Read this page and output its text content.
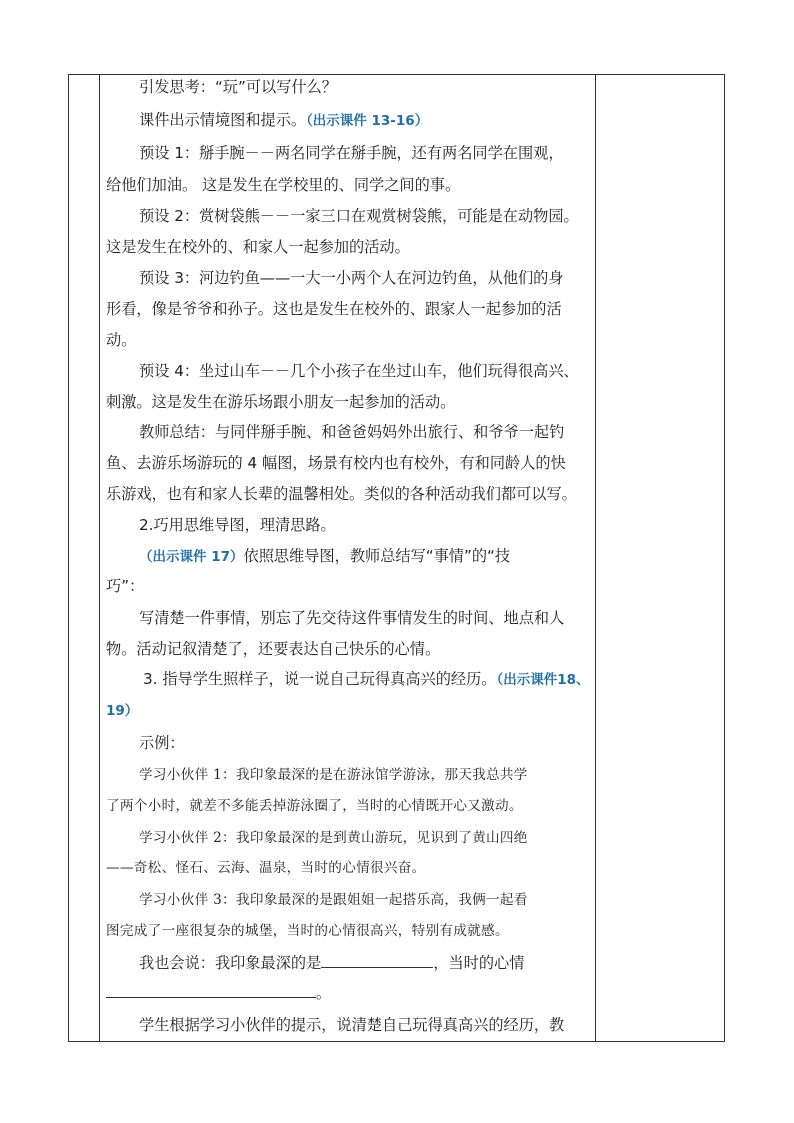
引发思考：“玩”可以写什么？
课件出示情境图和提示。（出示课件 13-16）
预设 1：掰手腕－－两名同学在掰手腕，还有两名同学在围观，
给他们加油。 这是发生在学校里的、同学之间的事。
预设 2：赏树袋熊－－一家三口在观赏树袋熊，可能是在动物园。
这是发生在校外的、和家人一起参加的活动。
预设 3：河边钓鱼——一大一小两个人在河边钓鱼，从他们的身
形看，像是爷爷和孙子。这也是发生在校外的、跟家人一起参加的活
动。
预设 4：坐过山车－－几个小孩子在坐过山车，他们玩得很高兴、
刺激。这是发生在游乐场跟小朋友一起参加的活动。
教师总结：与同伴掰手腕、和爸爸妈妈外出旅行、和爷爷一起钓
鱼、去游乐场游玩的 4 幅图，场景有校内也有校外，有和同龄人的快
乐游戏，也有和家人长辈的温馨相处。类似的各种活动我们都可以写。
2.巧用思维导图，理清思路。
（出示课件 17）依照思维导图，教师总结写“事情”的“技
巧”：
写清楚一件事情，别忘了先交待这件事情发生的时间、地点和人
物。活动记叙清楚了，还要表达自己快乐的心情。
3. 指导学生照样子，说一说自己玩得真高兴的经历。（出示课件18、
19）
示例：
学习小伙伴 1：我印象最深的是在游泳馆学游泳，那天我总共学
了两个小时，就差不多能丢掉游泳圈了，当时的心情既开心又激动。
学习小伙伴 2：我印象最深的是到黄山游玩，见识到了黄山四绝
——奇松、怪石、云海、温泉，当时的心情很兴奋。
学习小伙伴 3：我印象最深的是跟姐姐一起搭乐高，我俩一起看
图完成了一座很复杂的城堡，当时的心情很高兴，特别有成就感。
我也会说：我印象最深的是	，当时的心情
。
学生根据学习小伙伴的提示，说清楚自己玩得真高兴的经历，教
